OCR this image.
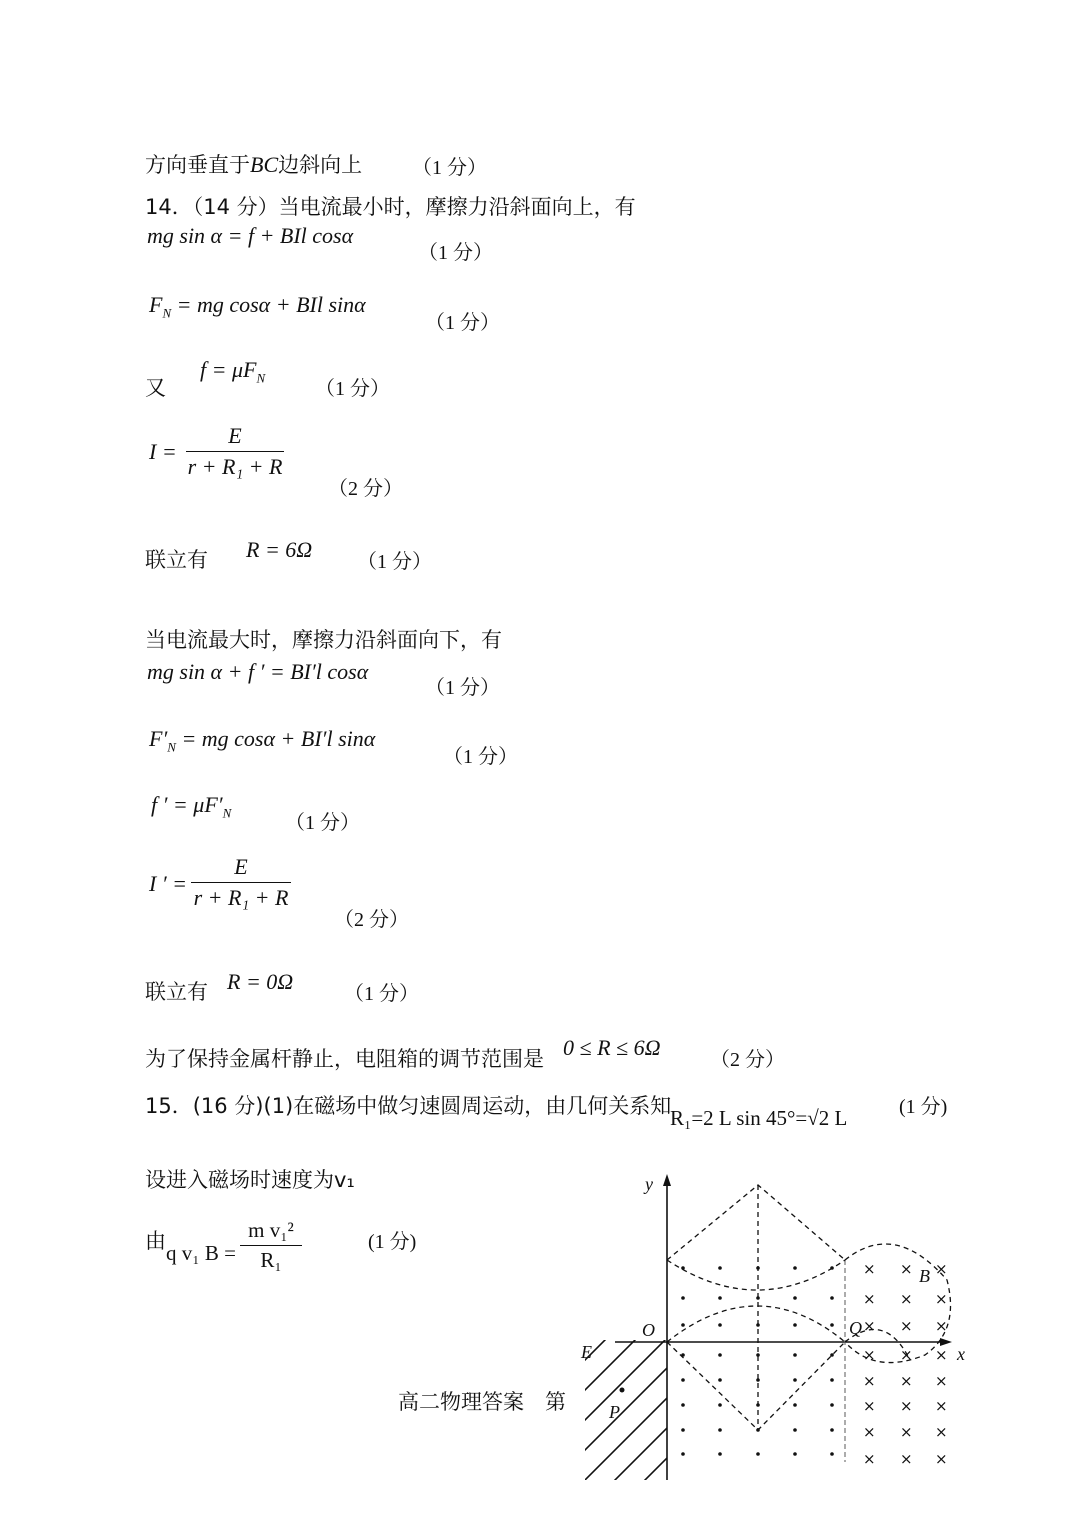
方向垂直于BC边斜向上 （1 分）
14．（14 分）当电流最小时，摩擦力沿斜面向上，有
mg sin α = f + BIl cosα
（1 分）
$F_N$ = mg cosα + BIl sinα
（1 分）
又
$f = \mu F_N$
（1 分）
I =
E
r + R₁ + R
（2 分）
联立有 R = 6Ω （1 分）
当电流最大时，摩擦力沿斜面向下，有
mg sin α + f ′ = BI′l cosα
（1 分）
$F'_N$ = mg cosα + BI′l sinα
（1 分）
f ′ = $\mu F'_N$	（1 分）
I ′ =
E
r + R₁ + R
（2 分）
联立有 R = 0Ω	（1 分）
为了保持金属杆静止，电阻箱的调节范围是 0 ≤ R ≤ 6Ω （2 分）
15．(16 分)(1)在磁场中做匀速圆周运动，由几何关系知
R₁=2 L sin 45°=√2 L	(1 分)
设进入磁场时速度为v₁
由 q v₁ B =
m v₁²
R₁
(1 分)
高二物理答案　第
× × ×
× × ×
× × ×
× × ×
× × ×
× × ×
× × ×
× × ×
y
x
O	Q
B
E
P
